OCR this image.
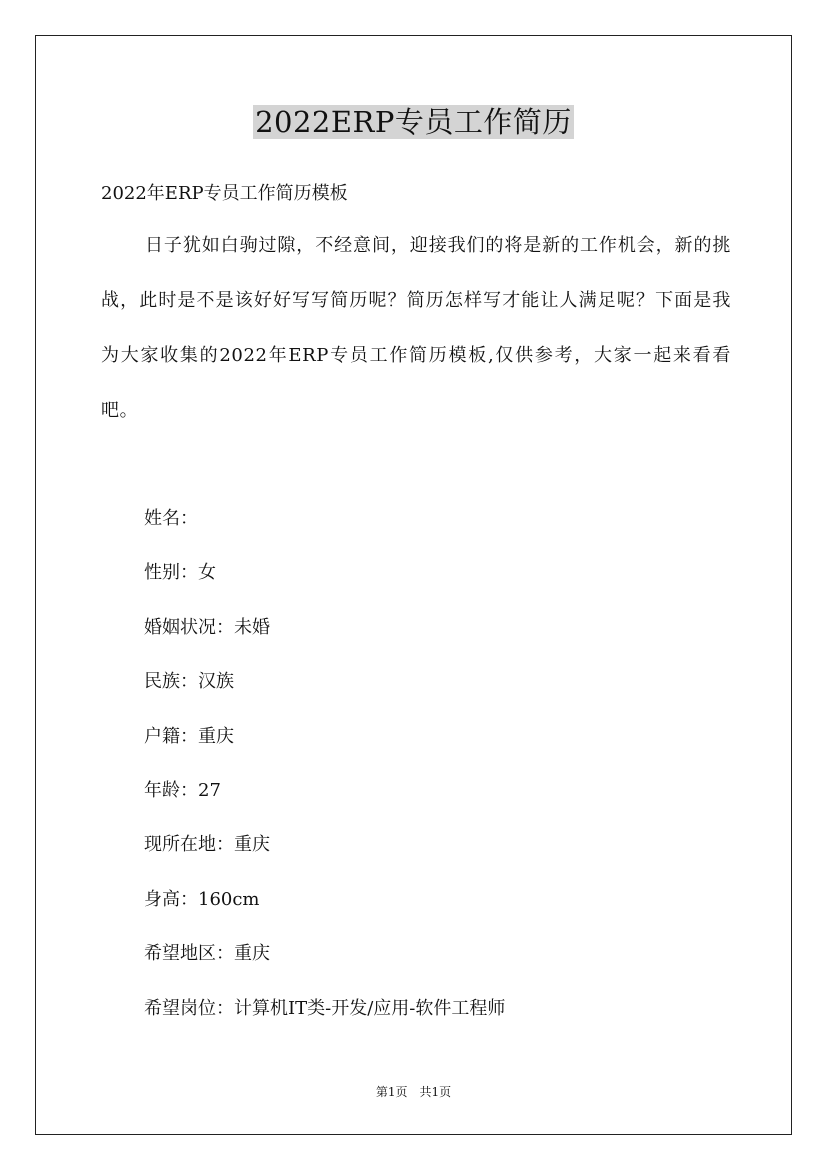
2022ERP专员工作简历

2022年ERP专员工作简历模板

日子犹如白驹过隙，不经意间，迎接我们的将是新的工作机会，新的挑战，此时是不是该好好写写简历呢？简历怎样写才能让人满足呢？下面是我为大家收集的2022年ERP专员工作简历模板,仅供参考，大家一起来看看吧。

姓名：
性别：女
婚姻状况：未婚
民族：汉族
户籍：重庆
年龄：27
现所在地：重庆
身高：160cm
希望地区：重庆
希望岗位：计算机IT类-开发/应用-软件工程师
第1页 共1页
